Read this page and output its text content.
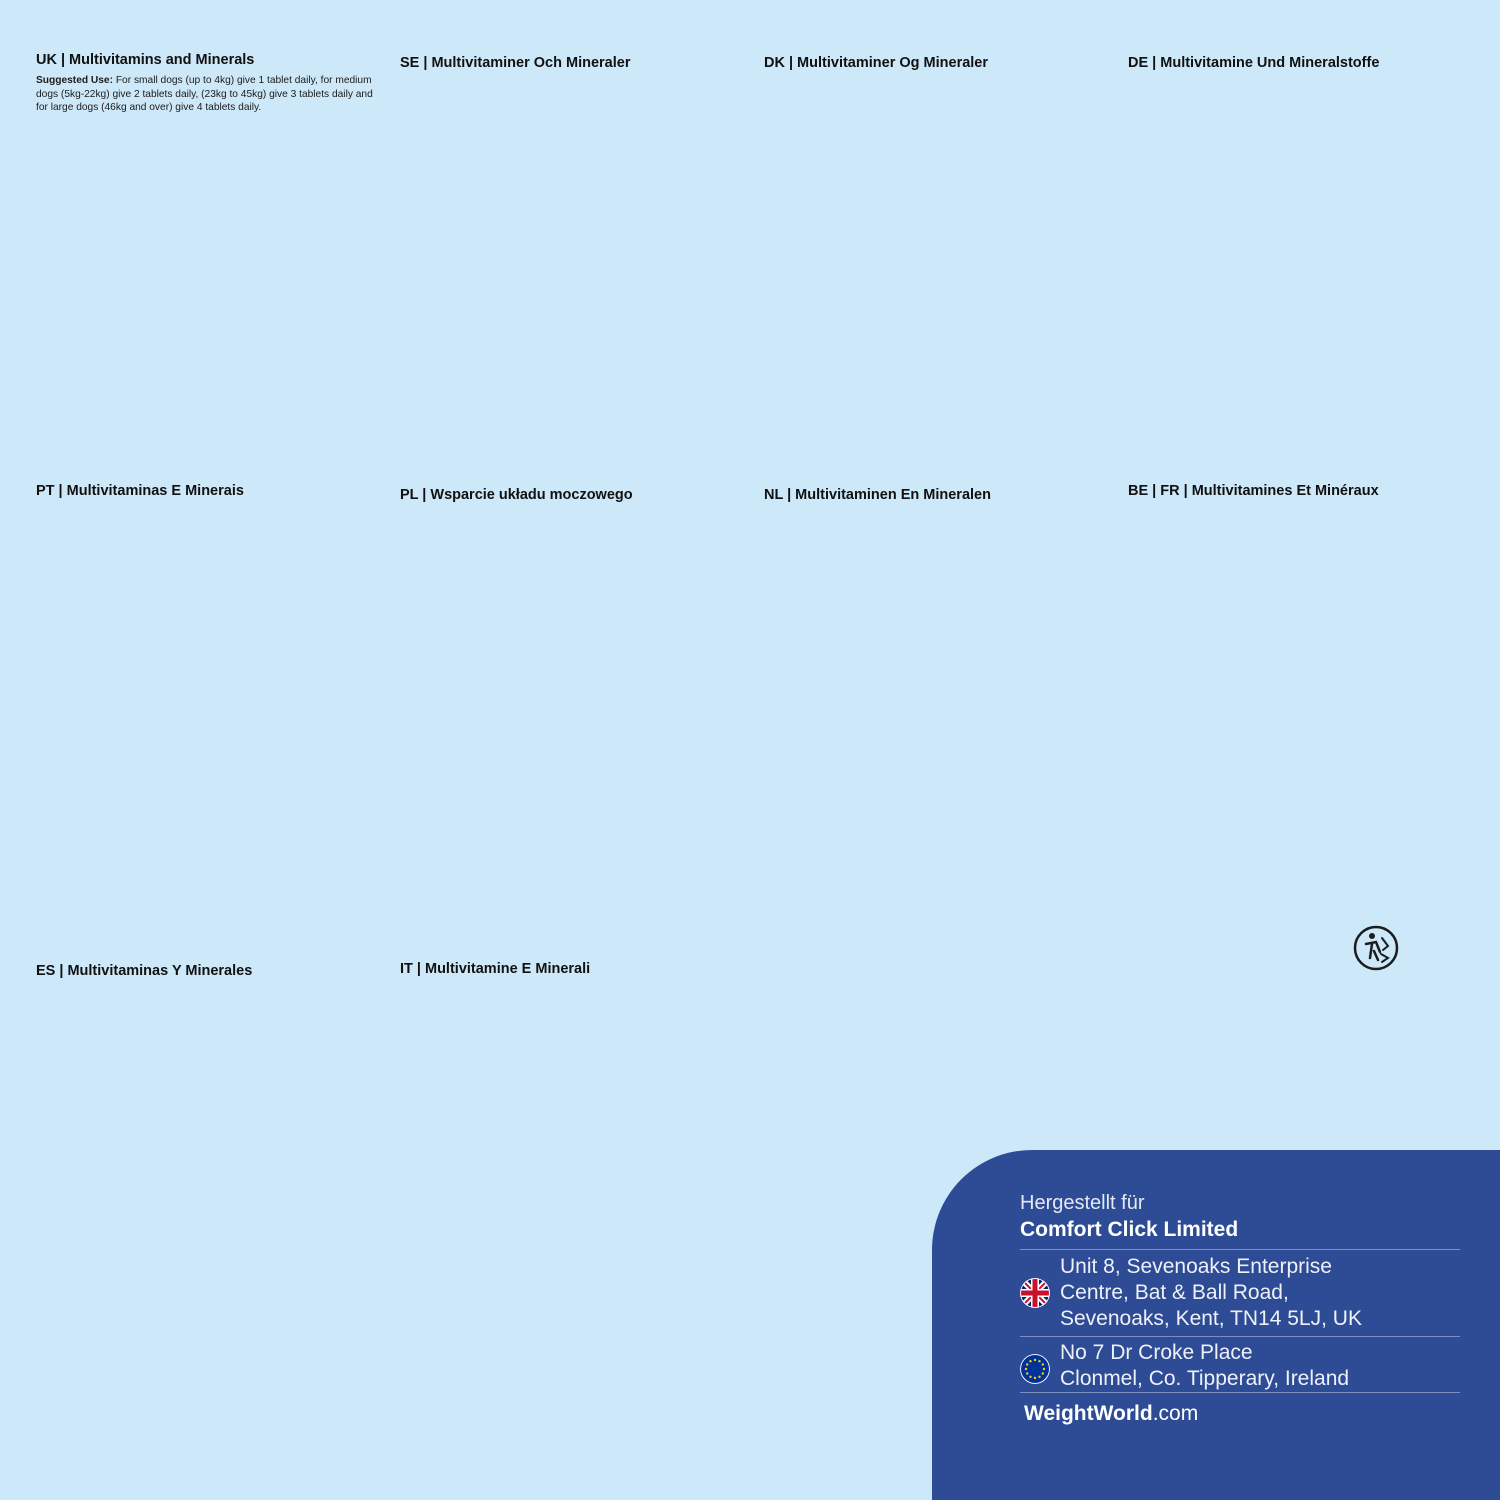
UK | Multivitamins and Minerals

Suggested Use: For small dogs (up to 4kg) give 1 tablet daily, for medium dogs (5kg-22kg) give 2 tablets daily, (23kg to 45kg) give 3 tablets daily and for large dogs (46kg and over) give 4 tablets daily.

SE | Multivitaminer Och Mineraler	DK | Multivitaminer Og Mineraler	DE | Multivitamine Und Mineralstoffe
PT | Multivitaminas E Minerais	PL | Wsparcie układu moczowego	NL | Multivitaminen En Mineralen	BE | FR | Multivitamines Et Minéraux
ES | Multivitaminas Y Minerales	IT | Multivitamine E Minerali
Hergestellt für
Comfort Click Limited
Unit 8, Sevenoaks Enterprise
Centre, Bat & Ball Road,
Sevenoaks, Kent, TN14 5LJ, UK
No 7 Dr Croke Place
Clonmel, Co. Tipperary, Ireland
WeightWorld.com
